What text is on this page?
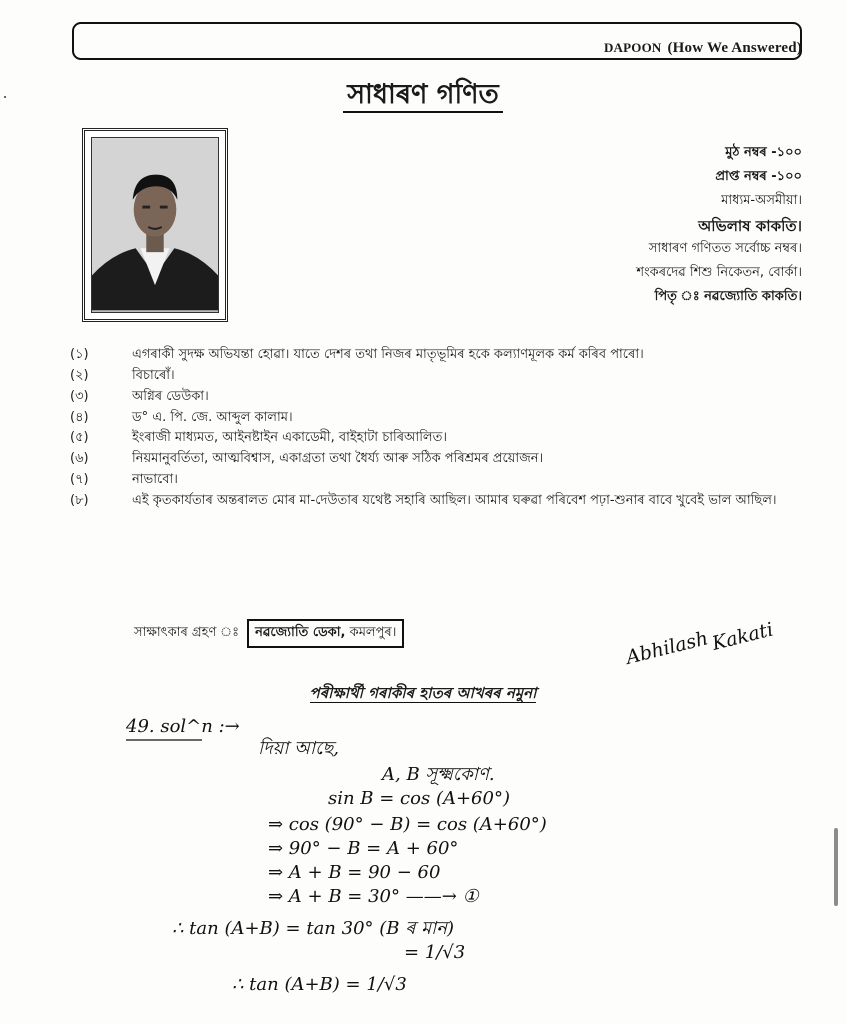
DAPOON (How We Answered)
সাধাৰণ গণিত
মুঠ নম্বৰ -১০০
প্ৰাপ্ত নম্বৰ -১০০
মাধ্যম-অসমীয়া।
অভিলাষ কাকতি।
সাধাৰণ গণিতত সৰ্বোচ্চ নম্বৰ।
শংকৰদেৱ শিশু নিকেতন, বোৰ্কা।
পিতৃ ঃ নৱজ্যোতি কাকতি।
(১)	এগৰাকী সুদক্ষ অভিযন্তা হোৱা। যাতে দেশৰ তথা নিজৰ মাতৃভূমিৰ হকে কল্যাণমূলক কৰ্ম কৰিব পাৰো।
(২)	বিচাৰোঁ।
(৩)	অগ্নিৰ ডেউকা।
(৪)	ড° এ. পি. জে. আব্দুল কালাম।
(৫)	ইংৰাজী মাধ্যমত, আইনষ্টাইন একাডেমী, বাইহাটা চাৰিআলিত।
(৬)	নিয়মানুবৰ্তিতা, আত্মবিশ্বাস, একাগ্ৰতা তথা ধৈৰ্য্য আৰু সঠিক পৰিশ্ৰমৰ প্ৰয়োজন।
(৭)	নাভাবো।
(৮)	এই কৃতকাৰ্যতাৰ অন্তৰালত মোৰ মা-দেউতাৰ যথেষ্ট সহাৰি আছিল। আমাৰ ঘৰুৱা পৰিবেশ পঢ়া-শুনাৰ বাবে খুবেই ভাল আছিল।
সাক্ষাৎকাৰ গ্ৰহণ ঃ	নৱজ্যোতি ডেকা, কমলপুৰ।	Abhilash Kakati
পৰীক্ষাৰ্থী গৰাকীৰ হাতৰ আখৰৰ নমুনা
49. sol^n :→
দিয়া আছে,
A, B সূক্ষ্মকোণ.
sin B = cos (A+60°)
⇒ cos (90° − B) = cos (A+60°)
⇒ 90° − B = A + 60°
⇒ A + B = 90 − 60
⇒ A + B = 30° ——→ ①
∴ tan (A+B) = tan 30° (B ৰ মান)
= 1/√3
∴ tan (A+B) = 1/√3
